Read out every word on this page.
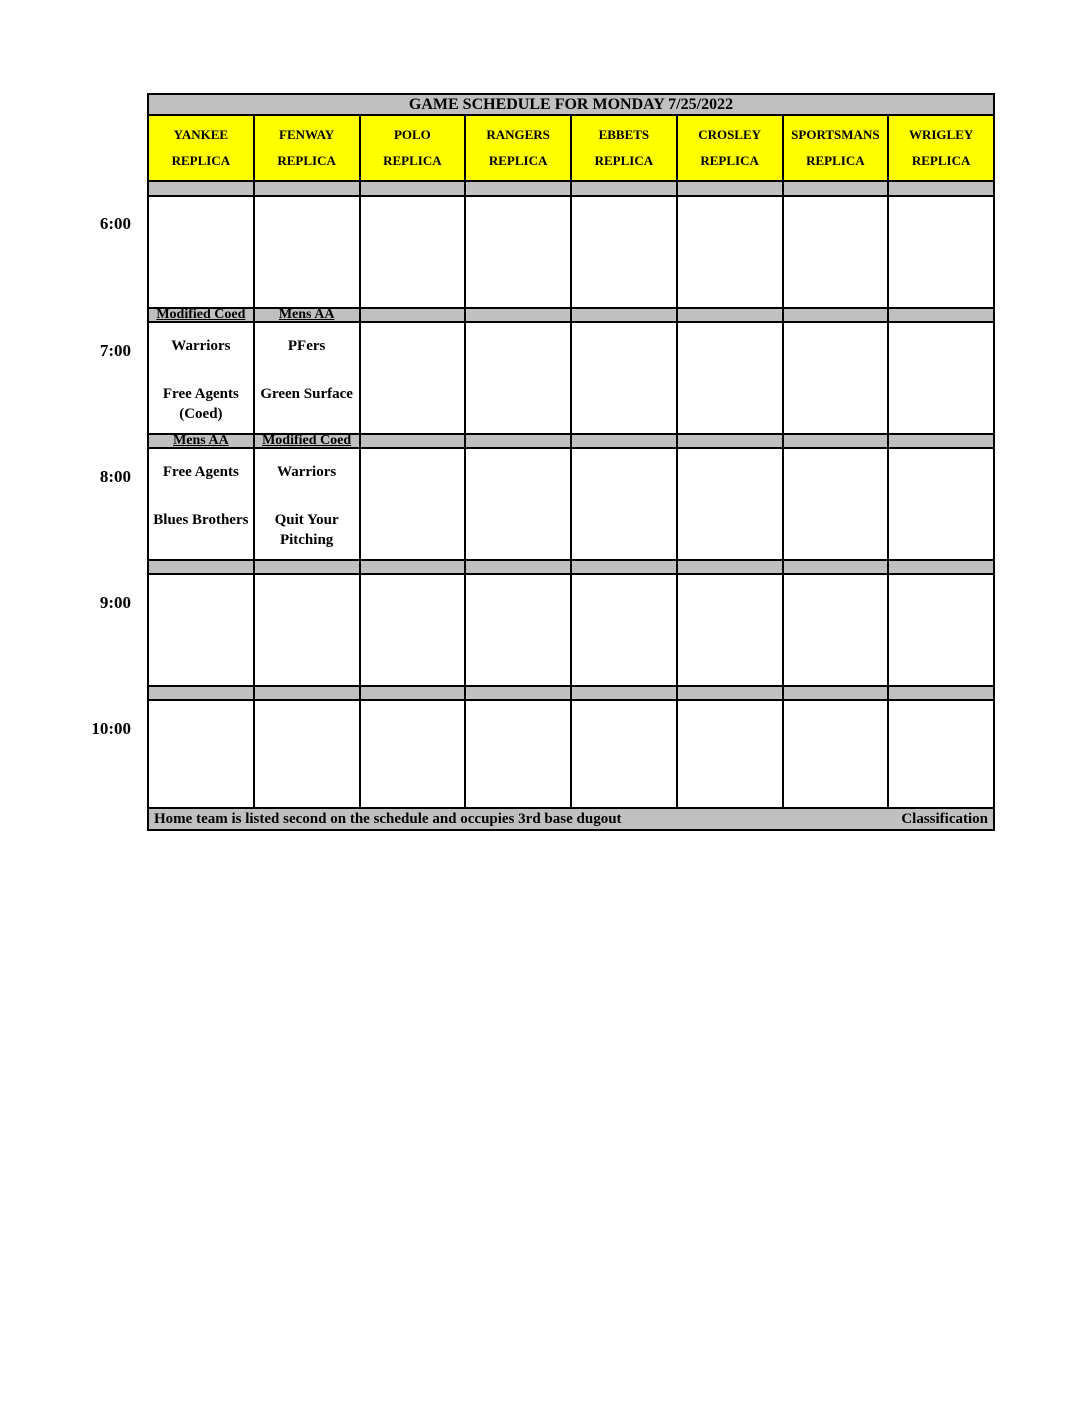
6:00
7:00
8:00
9:00
10:00
GAME SCHEDULE FOR MONDAY 7/25/2022
YANKEE
REPLICA
FENWAY
REPLICA
POLO
REPLICA
RANGERS
REPLICA
EBBETS
REPLICA
CROSLEY
REPLICA
SPORTSMANS
REPLICA
WRIGLEY
REPLICA
Modified Coed Mens AA
Warriors
Free Agents (Coed)
PFers
Green Surface
Mens AA Modified Coed
Free Agents
Blues Brothers
Warriors
Quit Your Pitching
Home team is listed second on the schedule and occupies 3rd base dugout	Classification
